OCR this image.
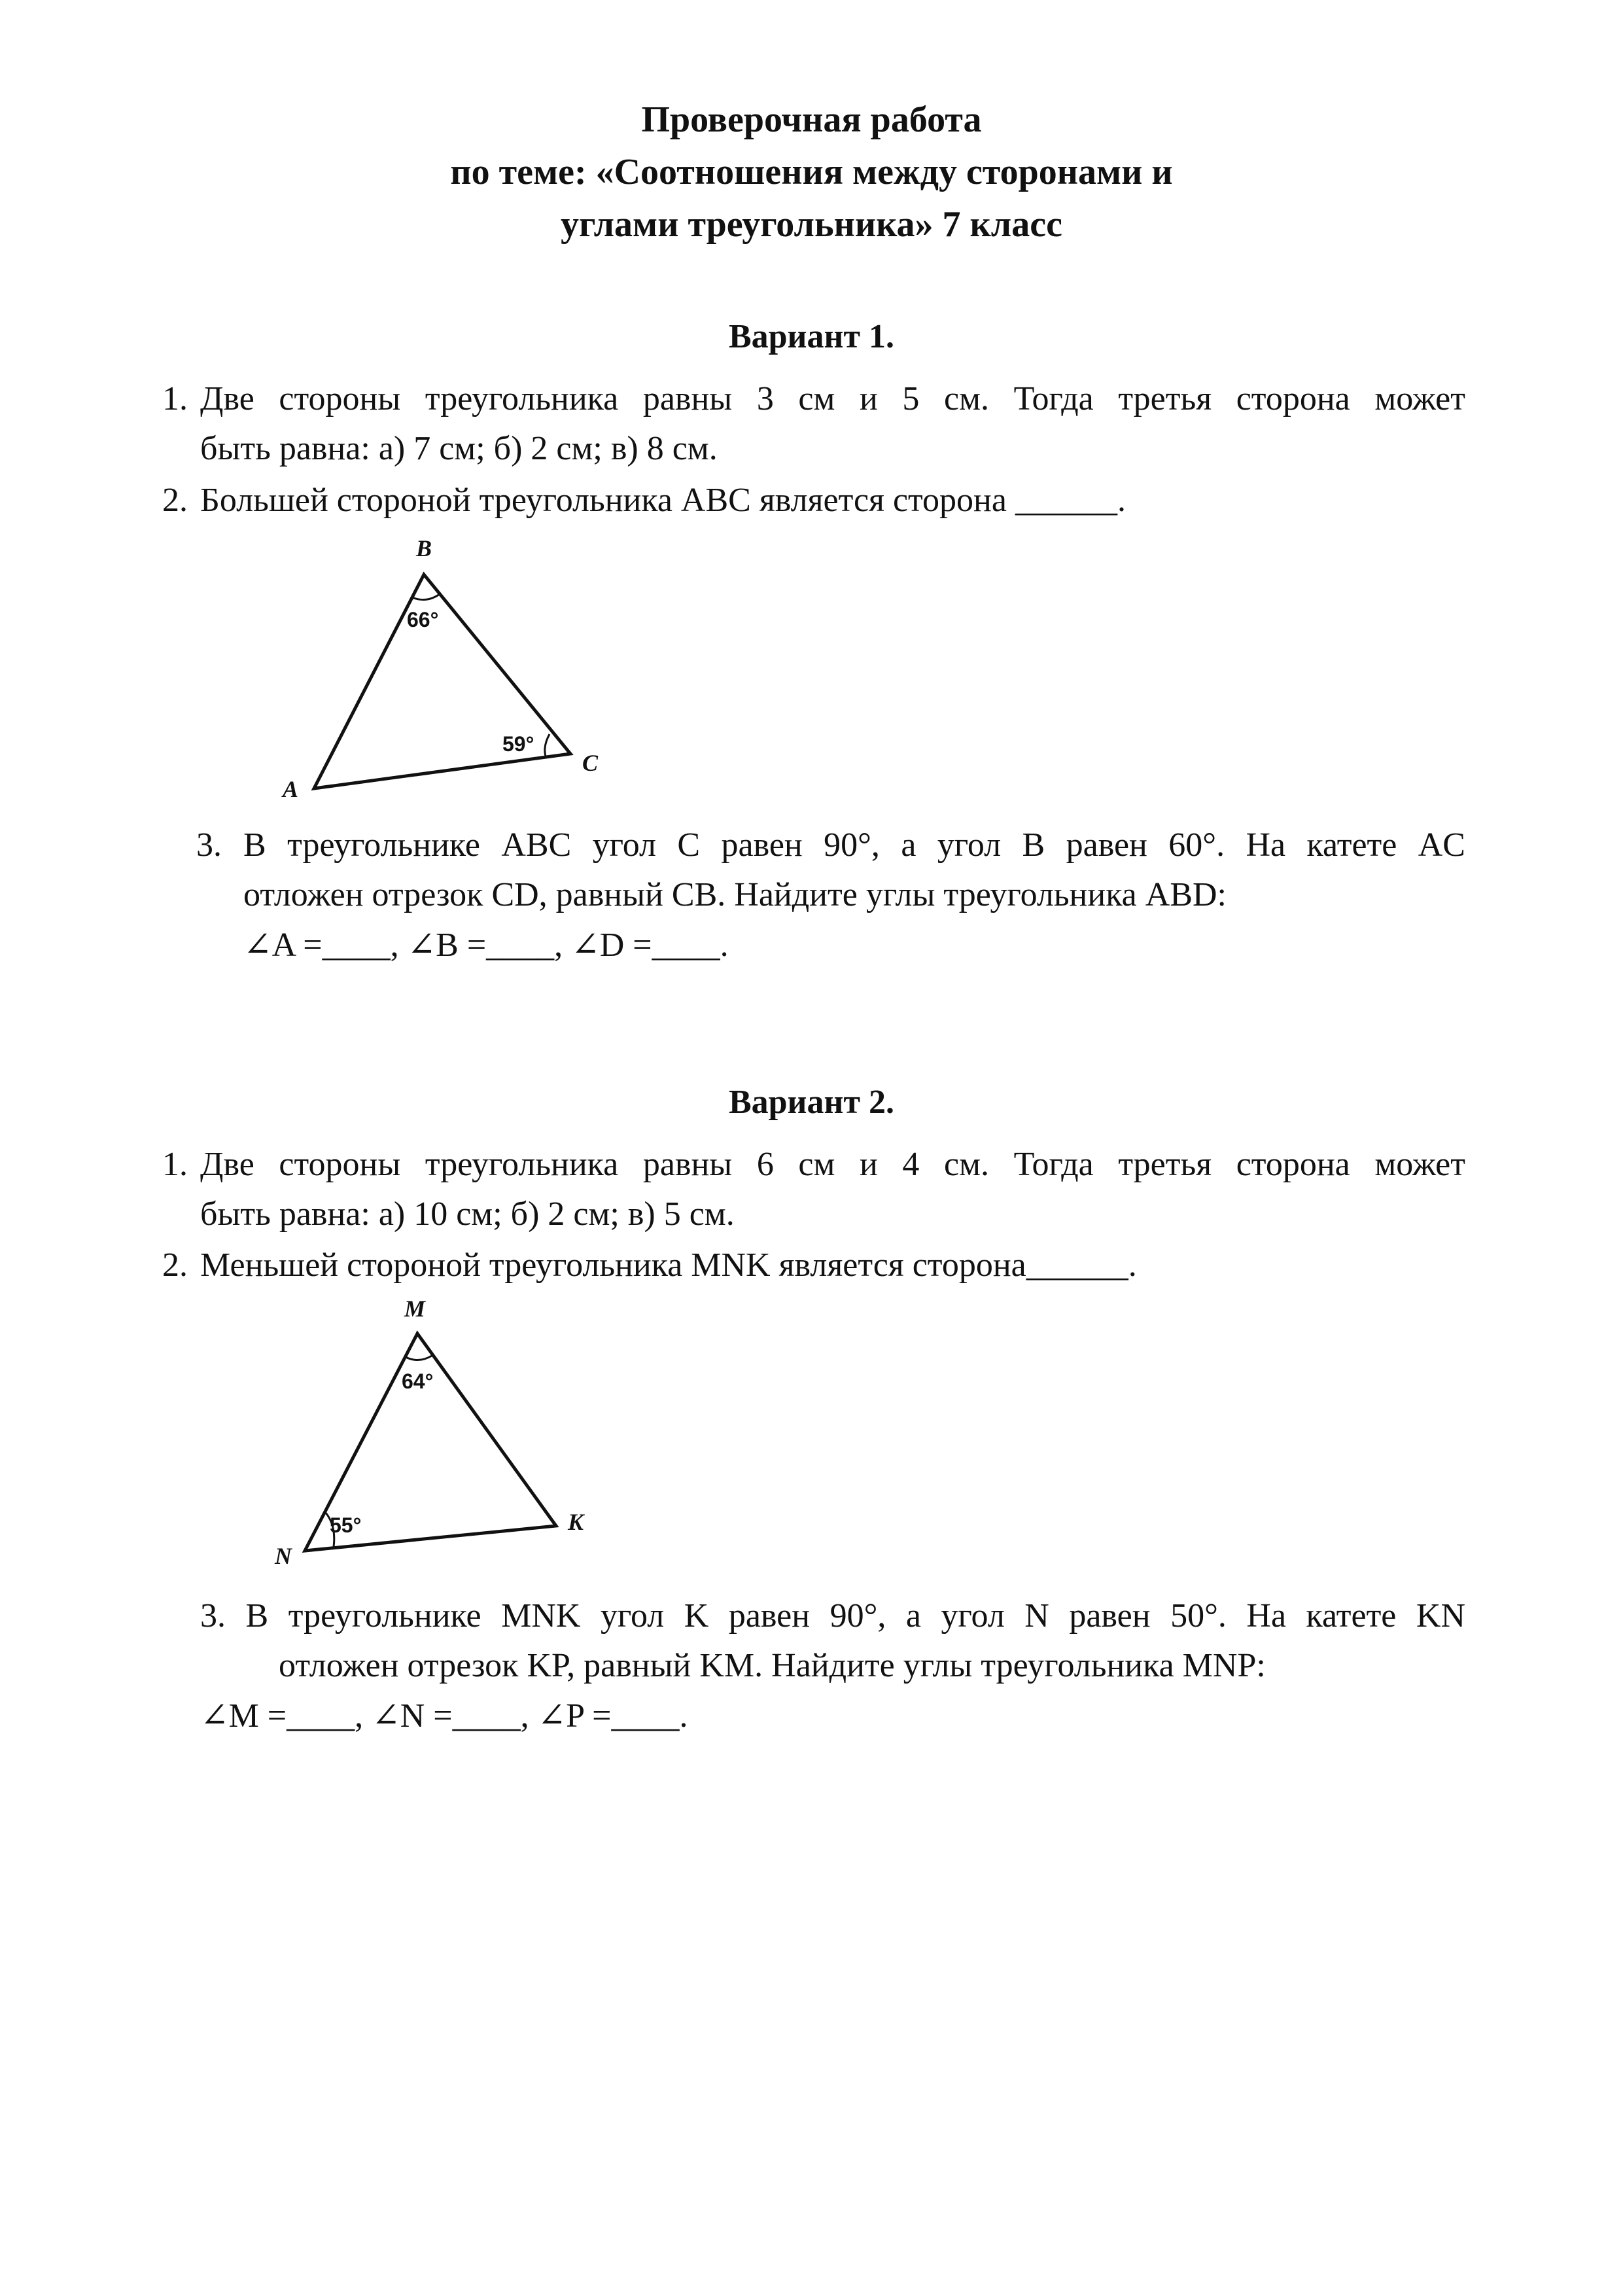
Проверочная работа
по теме: «Соотношения между сторонами и
углами треугольника» 7 класс
Вариант 1.
1. Две стороны треугольника равны 3 см и 5 см. Тогда третья сторона может
быть равна: а) 7 см; б) 2 см; в) 8 см.
2. Большей стороной треугольника ABC является сторона ______.
B
A
C
66°
59°
3. В треугольнике ABC угол C равен 90°, а угол B равен 60°. На катете AC
отложен отрезок CD, равный CB. Найдите углы треугольника ABD:
∠A =____, ∠B =____, ∠D =____.
Вариант 2.
1. Две стороны треугольника равны 6 см и 4 см. Тогда третья сторона может
быть равна: а) 10 см; б) 2 см; в) 5 см.
2. Меньшей стороной треугольника MNK является сторона______.
M
N
K
64°
55°
3. В треугольнике MNK угол K равен 90°, а угол N равен 50°. На катете KN
отложен отрезок KP, равный KM. Найдите углы треугольника MNP:
∠M =____, ∠N =____, ∠P =____.
